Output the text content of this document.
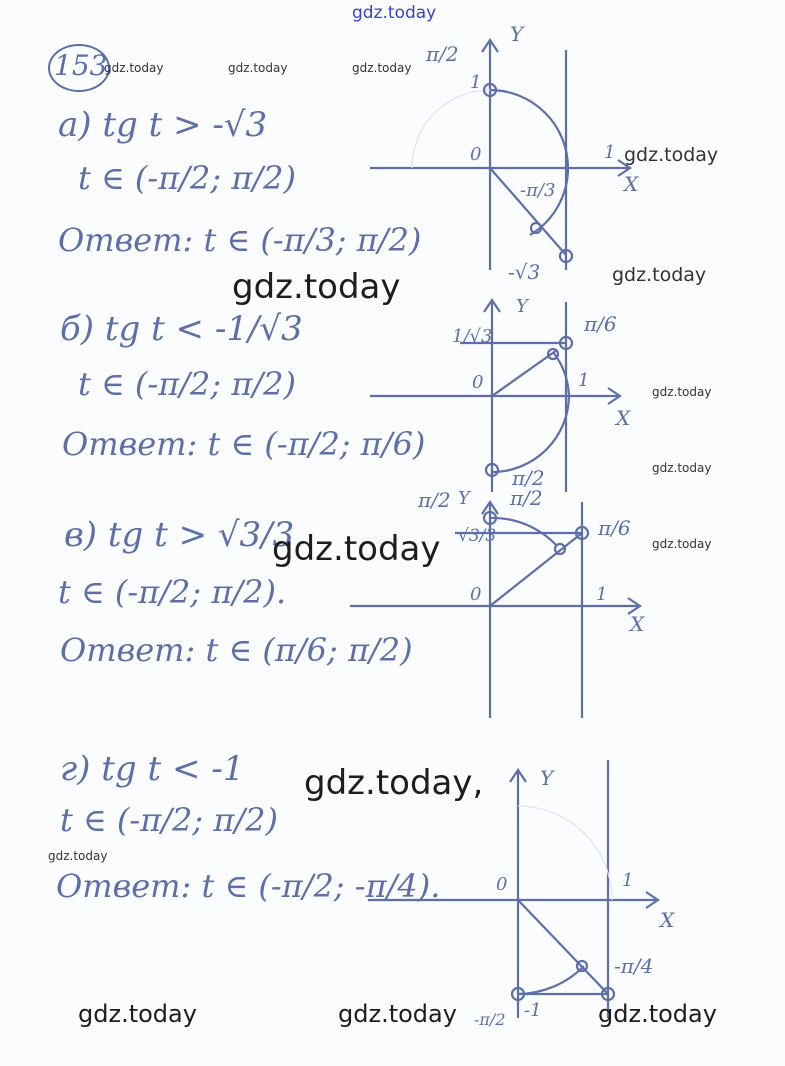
gdz.today
153
gdz.today	gdz.today	gdz.today
а) tg t > -√3
t ∈ (-π/2; π/2)
Ответ: t ∈ (-π/3; π/2)
gdz.today
б) tg t < -1/√3
t ∈ (-π/2; π/2)
Ответ: t ∈ (-π/2; π/6)
в) tg t > √3/3
t ∈ (-π/2; π/2).
Ответ: t ∈ (π/6; π/2)
gdz.today
г) tg t < -1
t ∈ (-π/2; π/2)
gdz.today
Ответ: t ∈ (-π/2; -π/4).
gdz.today,
Y
X
0	1
1
π/2
-π/3
-√3
gdz.today
gdz.today
Y
X
0	1
1/√3
π/6
π/2
gdz.today
gdz.today
Y
X
0	1
π/2
√3/3
π/2
π/6
gdz.today
Y
X
0	1
-π/4
-1
-π/2
gdz.today	gdz.today	gdz.today
